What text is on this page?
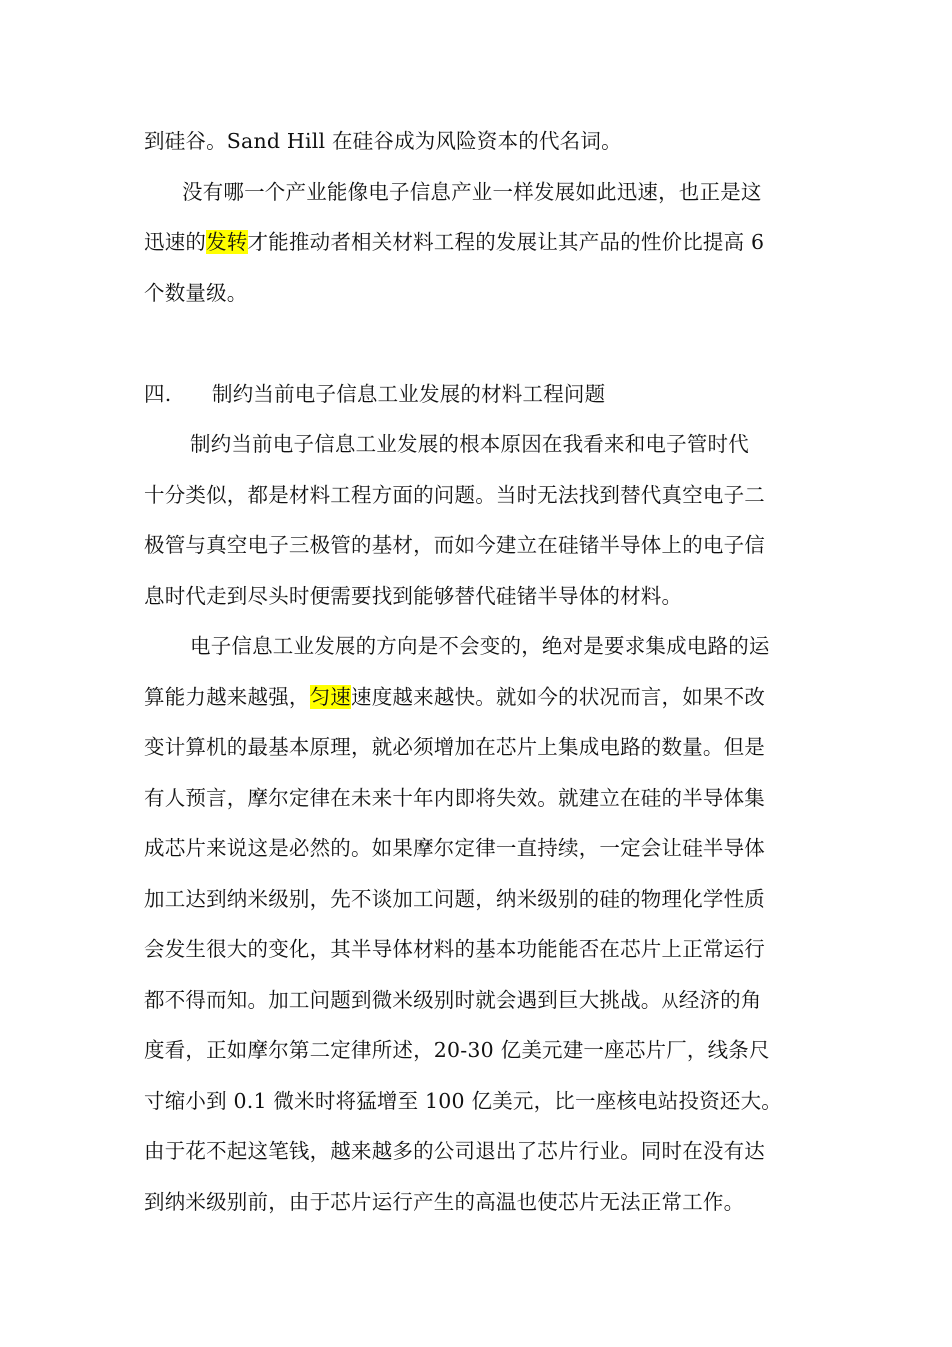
到硅谷。Sand Hill 在硅谷成为风险资本的代名词。
没有哪一个产业能像电子信息产业一样发展如此迅速，也正是这
迅速的发转才能推动者相关材料工程的发展让其产品的性价比提高 6
个数量级。
四. 制约当前电子信息工业发展的材料工程问题
制约当前电子信息工业发展的根本原因在我看来和电子管时代
十分类似，都是材料工程方面的问题。当时无法找到替代真空电子二
极管与真空电子三极管的基材，而如今建立在硅锗半导体上的电子信
息时代走到尽头时便需要找到能够替代硅锗半导体的材料。
电子信息工业发展的方向是不会变的，绝对是要求集成电路的运
算能力越来越强，匀速速度越来越快。就如今的状况而言，如果不改
变计算机的最基本原理，就必须增加在芯片上集成电路的数量。但是
有人预言，摩尔定律在未来十年内即将失效。就建立在硅的半导体集
成芯片来说这是必然的。如果摩尔定律一直持续，一定会让硅半导体
加工达到纳米级别，先不谈加工问题，纳米级别的硅的物理化学性质
会发生很大的变化，其半导体材料的基本功能能否在芯片上正常运行
都不得而知。加工问题到微米级别时就会遇到巨大挑战。从经济的角
度看，正如摩尔第二定律所述，20-30 亿美元建一座芯片厂，线条尺
寸缩小到 0.1 微米时将猛增至 100 亿美元，比一座核电站投资还大。
由于花不起这笔钱，越来越多的公司退出了芯片行业。同时在没有达
到纳米级别前，由于芯片运行产生的高温也使芯片无法正常工作。
